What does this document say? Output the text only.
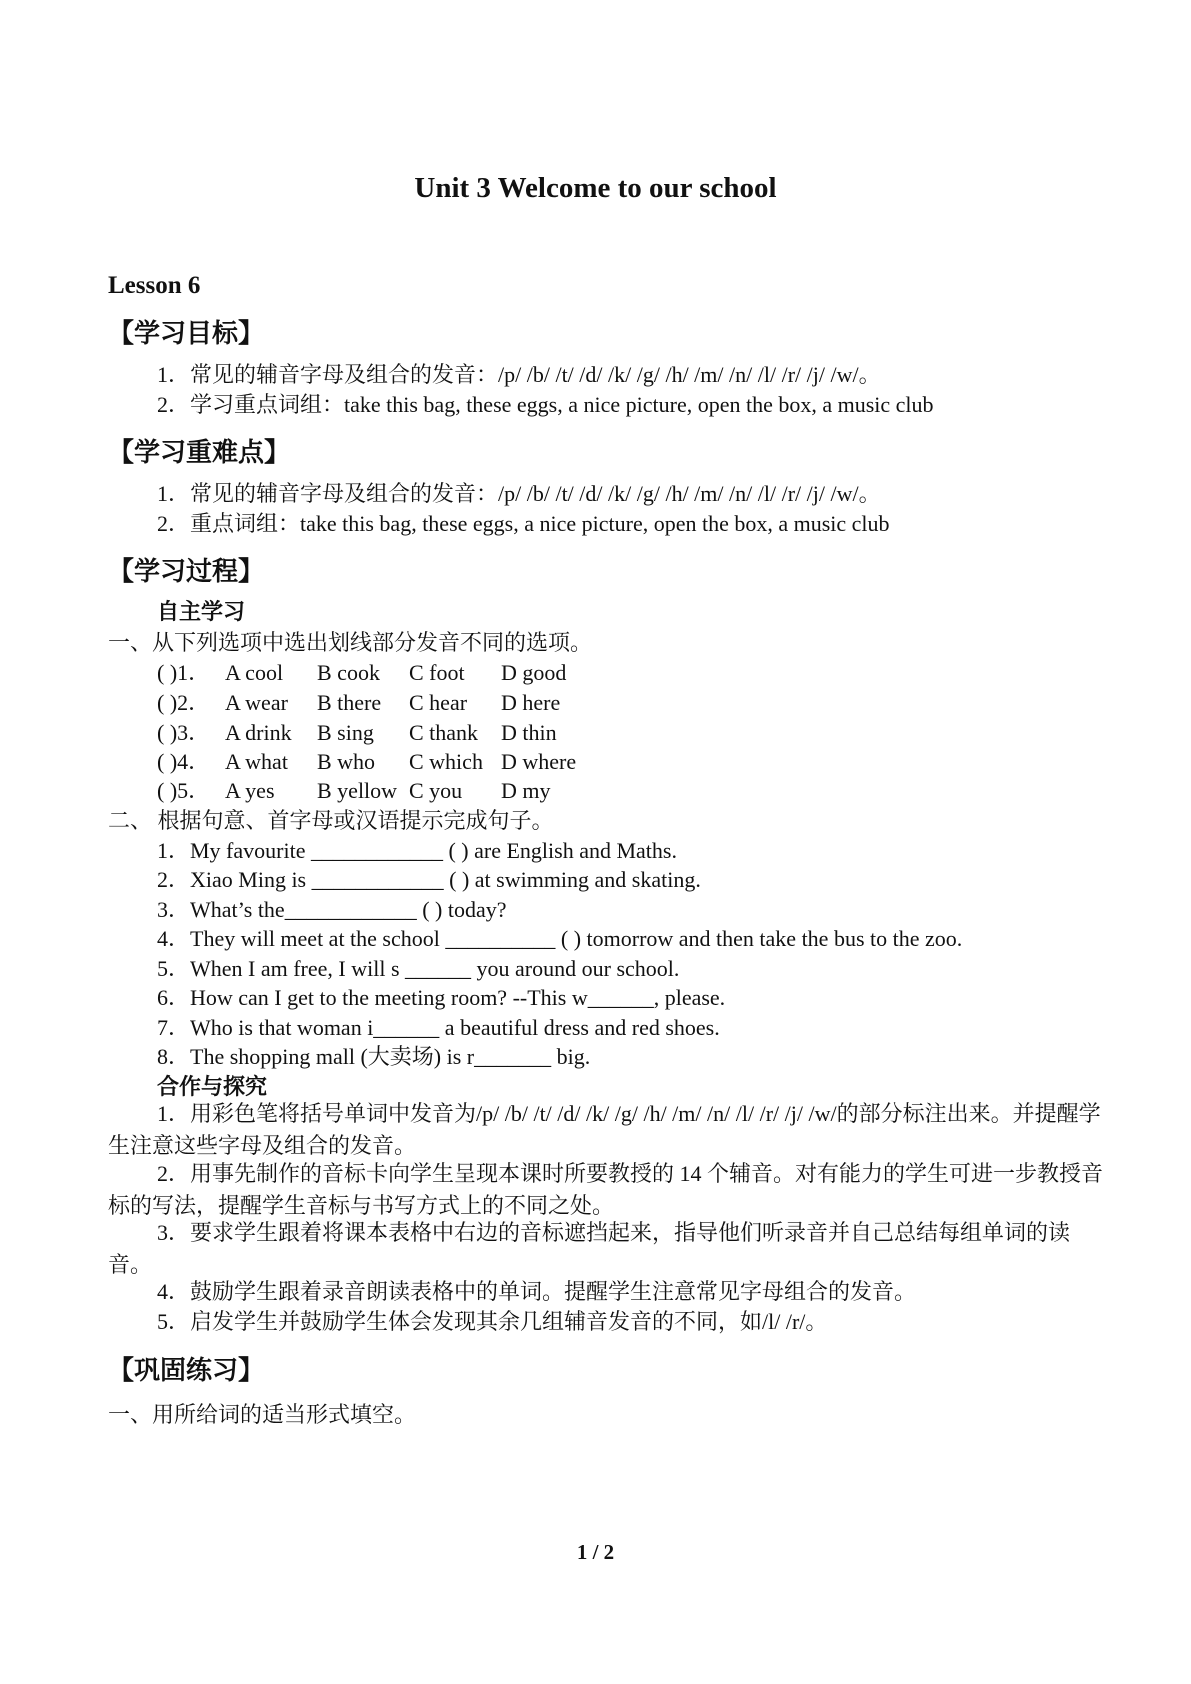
Unit 3 Welcome to our school
Lesson 6
【学习目标】
1．常见的辅音字母及组合的发音：/p/ /b/ /t/ /d/ /k/ /g/ /h/ /m/ /n/ /l/ /r/ /j/ /w/。
2．学习重点词组：take this bag, these eggs, a nice picture, open the box, a music club
【学习重难点】
1．常见的辅音字母及组合的发音：/p/ /b/ /t/ /d/ /k/ /g/ /h/ /m/ /n/ /l/ /r/ /j/ /w/。
2．重点词组：take this bag, these eggs, a nice picture, open the box, a music club
【学习过程】
自主学习
一、从下列选项中选出划线部分发音不同的选项。
( )1． A cool B cook C foot D good
( )2． A wear B there C hear D here
( )3． A drink B sing C thank D thin
( )4． A what B who C which D where
( )5． A yes B yellow C you D my
二、 根据句意、首字母或汉语提示完成句子。
1．My favourite ____________ ( ) are English and Maths.
2．Xiao Ming is ____________ ( ) at swimming and skating.
3．What’s the____________ ( ) today?
4．They will meet at the school __________ ( ) tomorrow and then take the bus to the zoo.
5．When I am free, I will s ______ you around our school.
6．How can I get to the meeting room? --This w______, please.
7．Who is that woman i______ a beautiful dress and red shoes.
8．The shopping mall (大卖场) is r_______ big.
合作与探究
1．用彩色笔将括号单词中发音为/p/ /b/ /t/ /d/ /k/ /g/ /h/ /m/ /n/ /l/ /r/ /j/ /w/的部分标注出来。并提醒学生注意这些字母及组合的发音。
2．用事先制作的音标卡向学生呈现本课时所要教授的 14 个辅音。对有能力的学生可进一步教授音标的写法，提醒学生音标与书写方式上的不同之处。
3．要求学生跟着将课本表格中右边的音标遮挡起来，指导他们听录音并自己总结每组单词的读音。
4．鼓励学生跟着录音朗读表格中的单词。提醒学生注意常见字母组合的发音。
5．启发学生并鼓励学生体会发现其余几组辅音发音的不同，如/l/ /r/。
【巩固练习】
一、用所给词的适当形式填空。
1 / 2
